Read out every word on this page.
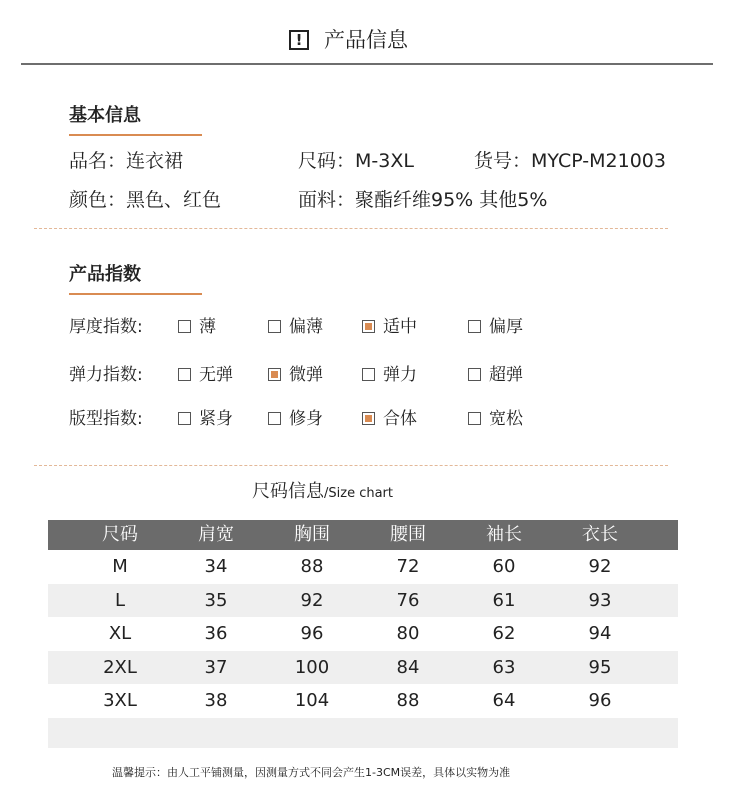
!	产品信息
基本信息
品名：连衣裙	尺码：M-3XL	货号：MYCP-M21003
颜色：黑色、红色	面料：聚酯纤维95% 其他5%
产品指数
厚度指数:	薄	偏薄	适中	偏厚
弹力指数:	无弹	微弹	弹力	超弹
版型指数:	紧身	修身	合体	宽松
尺码信息/Size chart
尺码	肩宽	胸围	腰围	袖长	衣长
M	34	88	72	60	92
L	35	92	76	61	93
XL	36	96	80	62	94
2XL	37	100	84	63	95
3XL	38	104	88	64	96
温馨提示：由人工平铺测量，因测量方式不同会产生1-3CM误差，具体以实物为准
